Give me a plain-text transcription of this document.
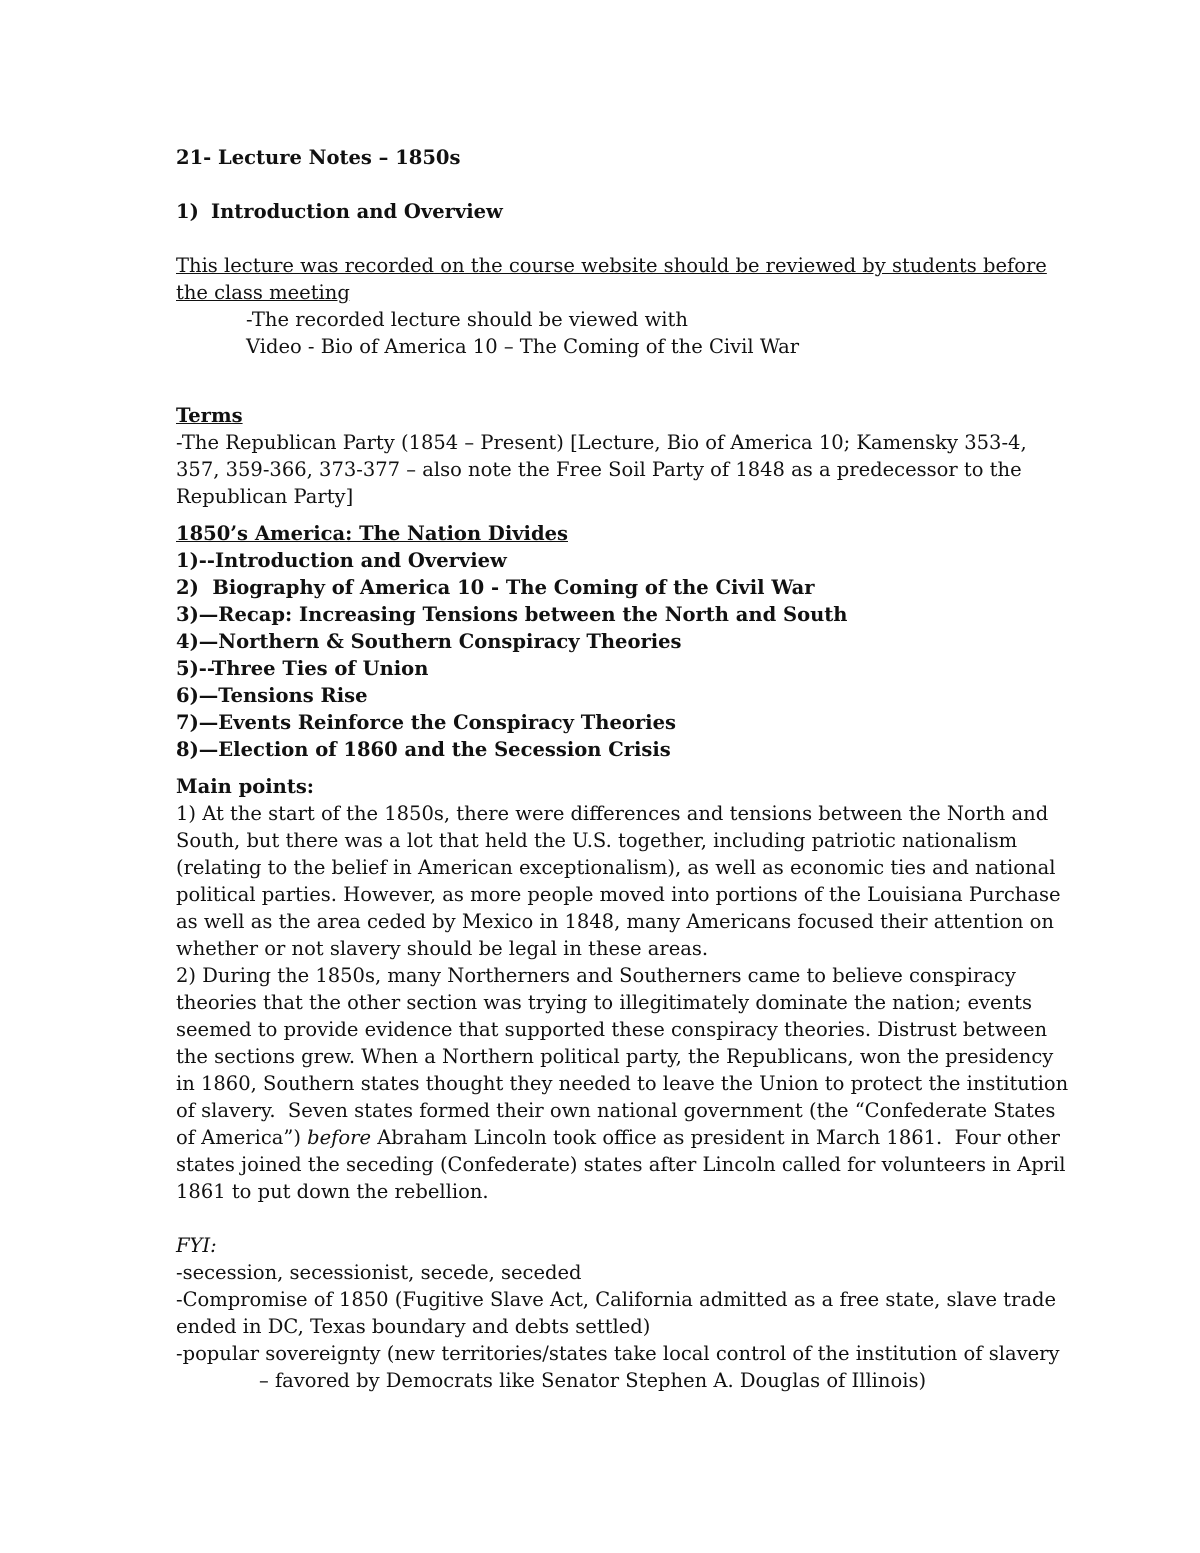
21- Lecture Notes – 1850s

1) Introduction and Overview

This lecture was recorded on the course website should be reviewed by students before

the class meeting

-The recorded lecture should be viewed with

Video - Bio of America 10 – The Coming of the Civil War

Terms

-The Republican Party (1854 – Present) [Lecture, Bio of America 10; Kamensky 353-4,

357, 359-366, 373-377 – also note the Free Soil Party of 1848 as a predecessor to the

Republican Party]

1850’s America: The Nation Divides

1)--Introduction and Overview

2)  Biography of America 10 - The Coming of the Civil War

3)—Recap: Increasing Tensions between the North and South

4)—Northern & Southern Conspiracy Theories

5)--Three Ties of Union

6)—Tensions Rise

7)—Events Reinforce the Conspiracy Theories

8)—Election of 1860 and the Secession Crisis

Main points:

1) At the start of the 1850s, there were differences and tensions between the North and

South, but there was a lot that held the U.S. together, including patriotic nationalism

(relating to the belief in American exceptionalism), as well as economic ties and national

political parties. However, as more people moved into portions of the Louisiana Purchase

as well as the area ceded by Mexico in 1848, many Americans focused their attention on

whether or not slavery should be legal in these areas.

2) During the 1850s, many Northerners and Southerners came to believe conspiracy

theories that the other section was trying to illegitimately dominate the nation; events

seemed to provide evidence that supported these conspiracy theories. Distrust between

the sections grew. When a Northern political party, the Republicans, won the presidency

in 1860, Southern states thought they needed to leave the Union to protect the institution

of slavery.  Seven states formed their own national government (the “Confederate States

of America”) before Abraham Lincoln took office as president in March 1861.  Four other

states joined the seceding (Confederate) states after Lincoln called for volunteers in April

1861 to put down the rebellion.

FYI:

-secession, secessionist, secede, seceded

-Compromise of 1850 (Fugitive Slave Act, California admitted as a free state, slave trade

ended in DC, Texas boundary and debts settled)

-popular sovereignty (new territories/states take local control of the institution of slavery

– favored by Democrats like Senator Stephen A. Douglas of Illinois)
